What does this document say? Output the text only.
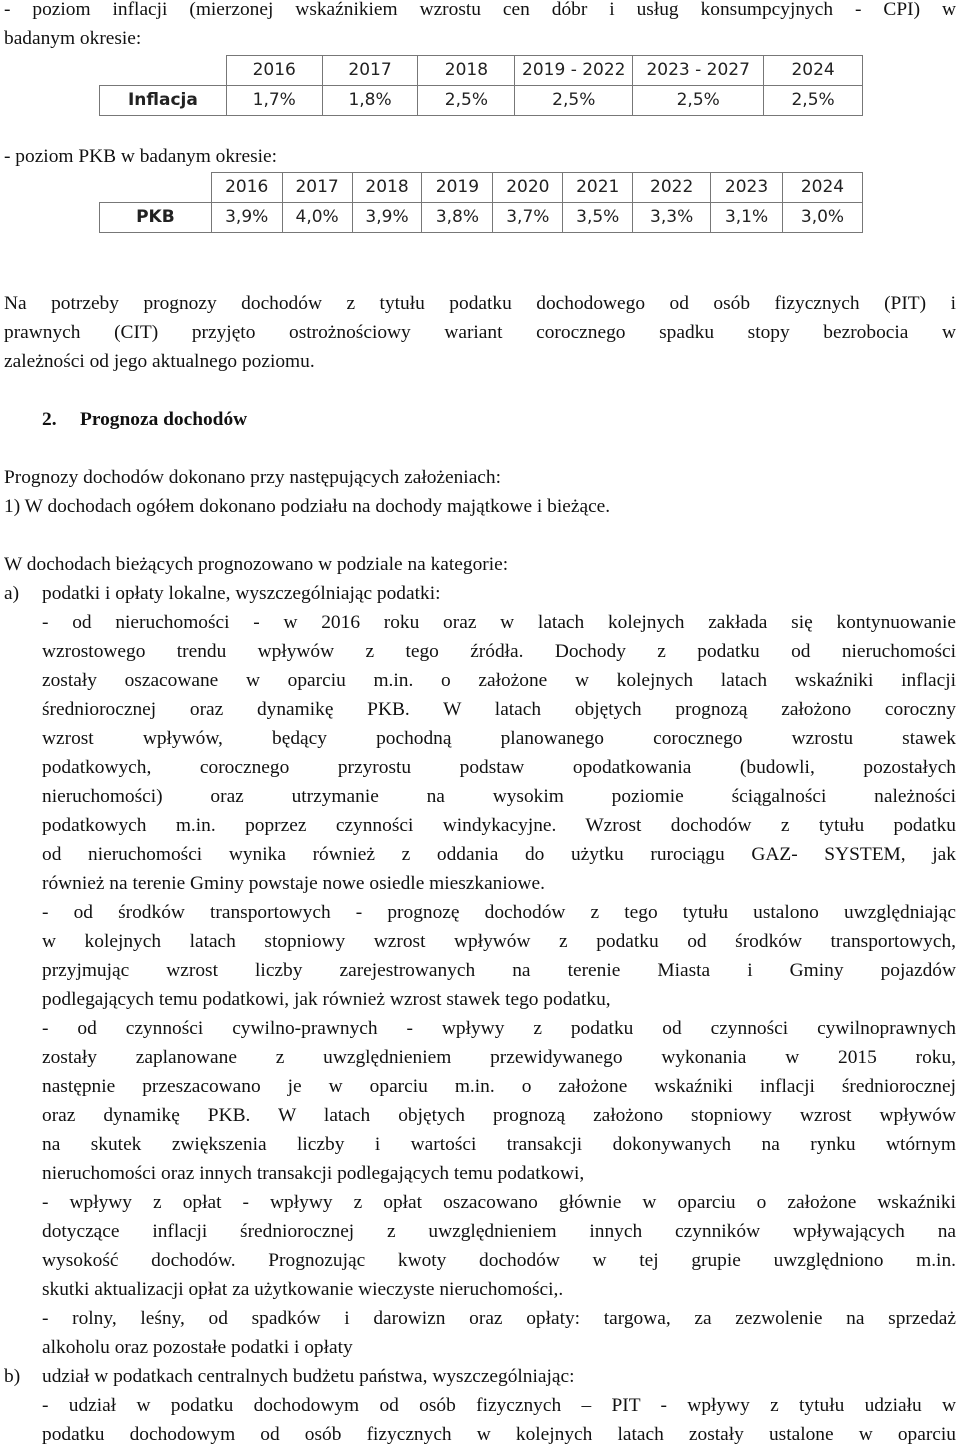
- poziom inflacji (mierzonej wskaźnikiem wzrostu cen dóbr i usług konsumpcyjnych - CPI) w
badanym okresie:
	2016	2017	2018	2019 - 2022	2023 - 2027	2024
Inflacja	1,7%	1,8%	2,5%	2,5%	2,5%	2,5%
- poziom PKB w badanym okresie:
	2016	2017	2018	2019	2020	2021	2022	2023	2024
PKB	3,9%	4,0%	3,9%	3,8%	3,7%	3,5%	3,3%	3,1%	3,0%
Na potrzeby prognozy dochodów z tytułu podatku dochodowego od osób fizycznych (PIT) i
prawnych (CIT) przyjęto ostrożnościowy wariant corocznego spadku stopy bezrobocia w
zależności od jego aktualnego poziomu.
2. Prognoza dochodów
Prognozy dochodów dokonano przy następujących założeniach:
1) W dochodach ogółem dokonano podziału na dochody majątkowe i bieżące.
W dochodach bieżących prognozowano w podziale na kategorie:
a) podatki i opłaty lokalne, wyszczególniając podatki:
- od nieruchomości - w 2016 roku oraz w latach kolejnych zakłada się kontynuowanie
wzrostowego trendu wpływów z tego źródła. Dochody z podatku od nieruchomości
zostały oszacowane w oparciu m.in. o założone w kolejnych latach wskaźniki inflacji
średniorocznej oraz dynamikę PKB. W latach objętych prognozą założono coroczny
wzrost wpływów, będący pochodną planowanego corocznego wzrostu stawek
podatkowych, corocznego przyrostu podstaw opodatkowania (budowli, pozostałych
nieruchomości) oraz utrzymanie na wysokim poziomie ściągalności należności
podatkowych m.in. poprzez czynności windykacyjne. Wzrost dochodów z tytułu podatku
od nieruchomości wynika również z oddania do użytku rurociągu GAZ- SYSTEM, jak
również na terenie Gminy powstaje nowe osiedle mieszkaniowe.
- od środków transportowych - prognozę dochodów z tego tytułu ustalono uwzględniając
w kolejnych latach stopniowy wzrost wpływów z podatku od środków transportowych,
przyjmując wzrost liczby zarejestrowanych na terenie Miasta i Gminy pojazdów
podlegających temu podatkowi, jak również wzrost stawek tego podatku,
- od czynności cywilno-prawnych - wpływy z podatku od czynności cywilnoprawnych
zostały zaplanowane z uwzględnieniem przewidywanego wykonania w 2015 roku,
następnie przeszacowano je w oparciu m.in. o założone wskaźniki inflacji średniorocznej
oraz dynamikę PKB. W latach objętych prognozą założono stopniowy wzrost wpływów
na skutek zwiększenia liczby i wartości transakcji dokonywanych na rynku wtórnym
nieruchomości oraz innych transakcji podlegających temu podatkowi,
- wpływy z opłat - wpływy z opłat oszacowano głównie w oparciu o założone wskaźniki
dotyczące inflacji średniorocznej z uwzględnieniem innych czynników wpływających na
wysokość dochodów. Prognozując kwoty dochodów w tej grupie uwzględniono m.in.
skutki aktualizacji opłat za użytkowanie wieczyste nieruchomości,.
- rolny, leśny, od spadków i darowizn oraz opłaty: targowa, za zezwolenie na sprzedaż
alkoholu oraz pozostałe podatki i opłaty
b) udział w podatkach centralnych budżetu państwa, wyszczególniając:
- udział w podatku dochodowym od osób fizycznych – PIT - wpływy z tytułu udziału w
podatku dochodowym od osób fizycznych w kolejnych latach zostały ustalone w oparciu
